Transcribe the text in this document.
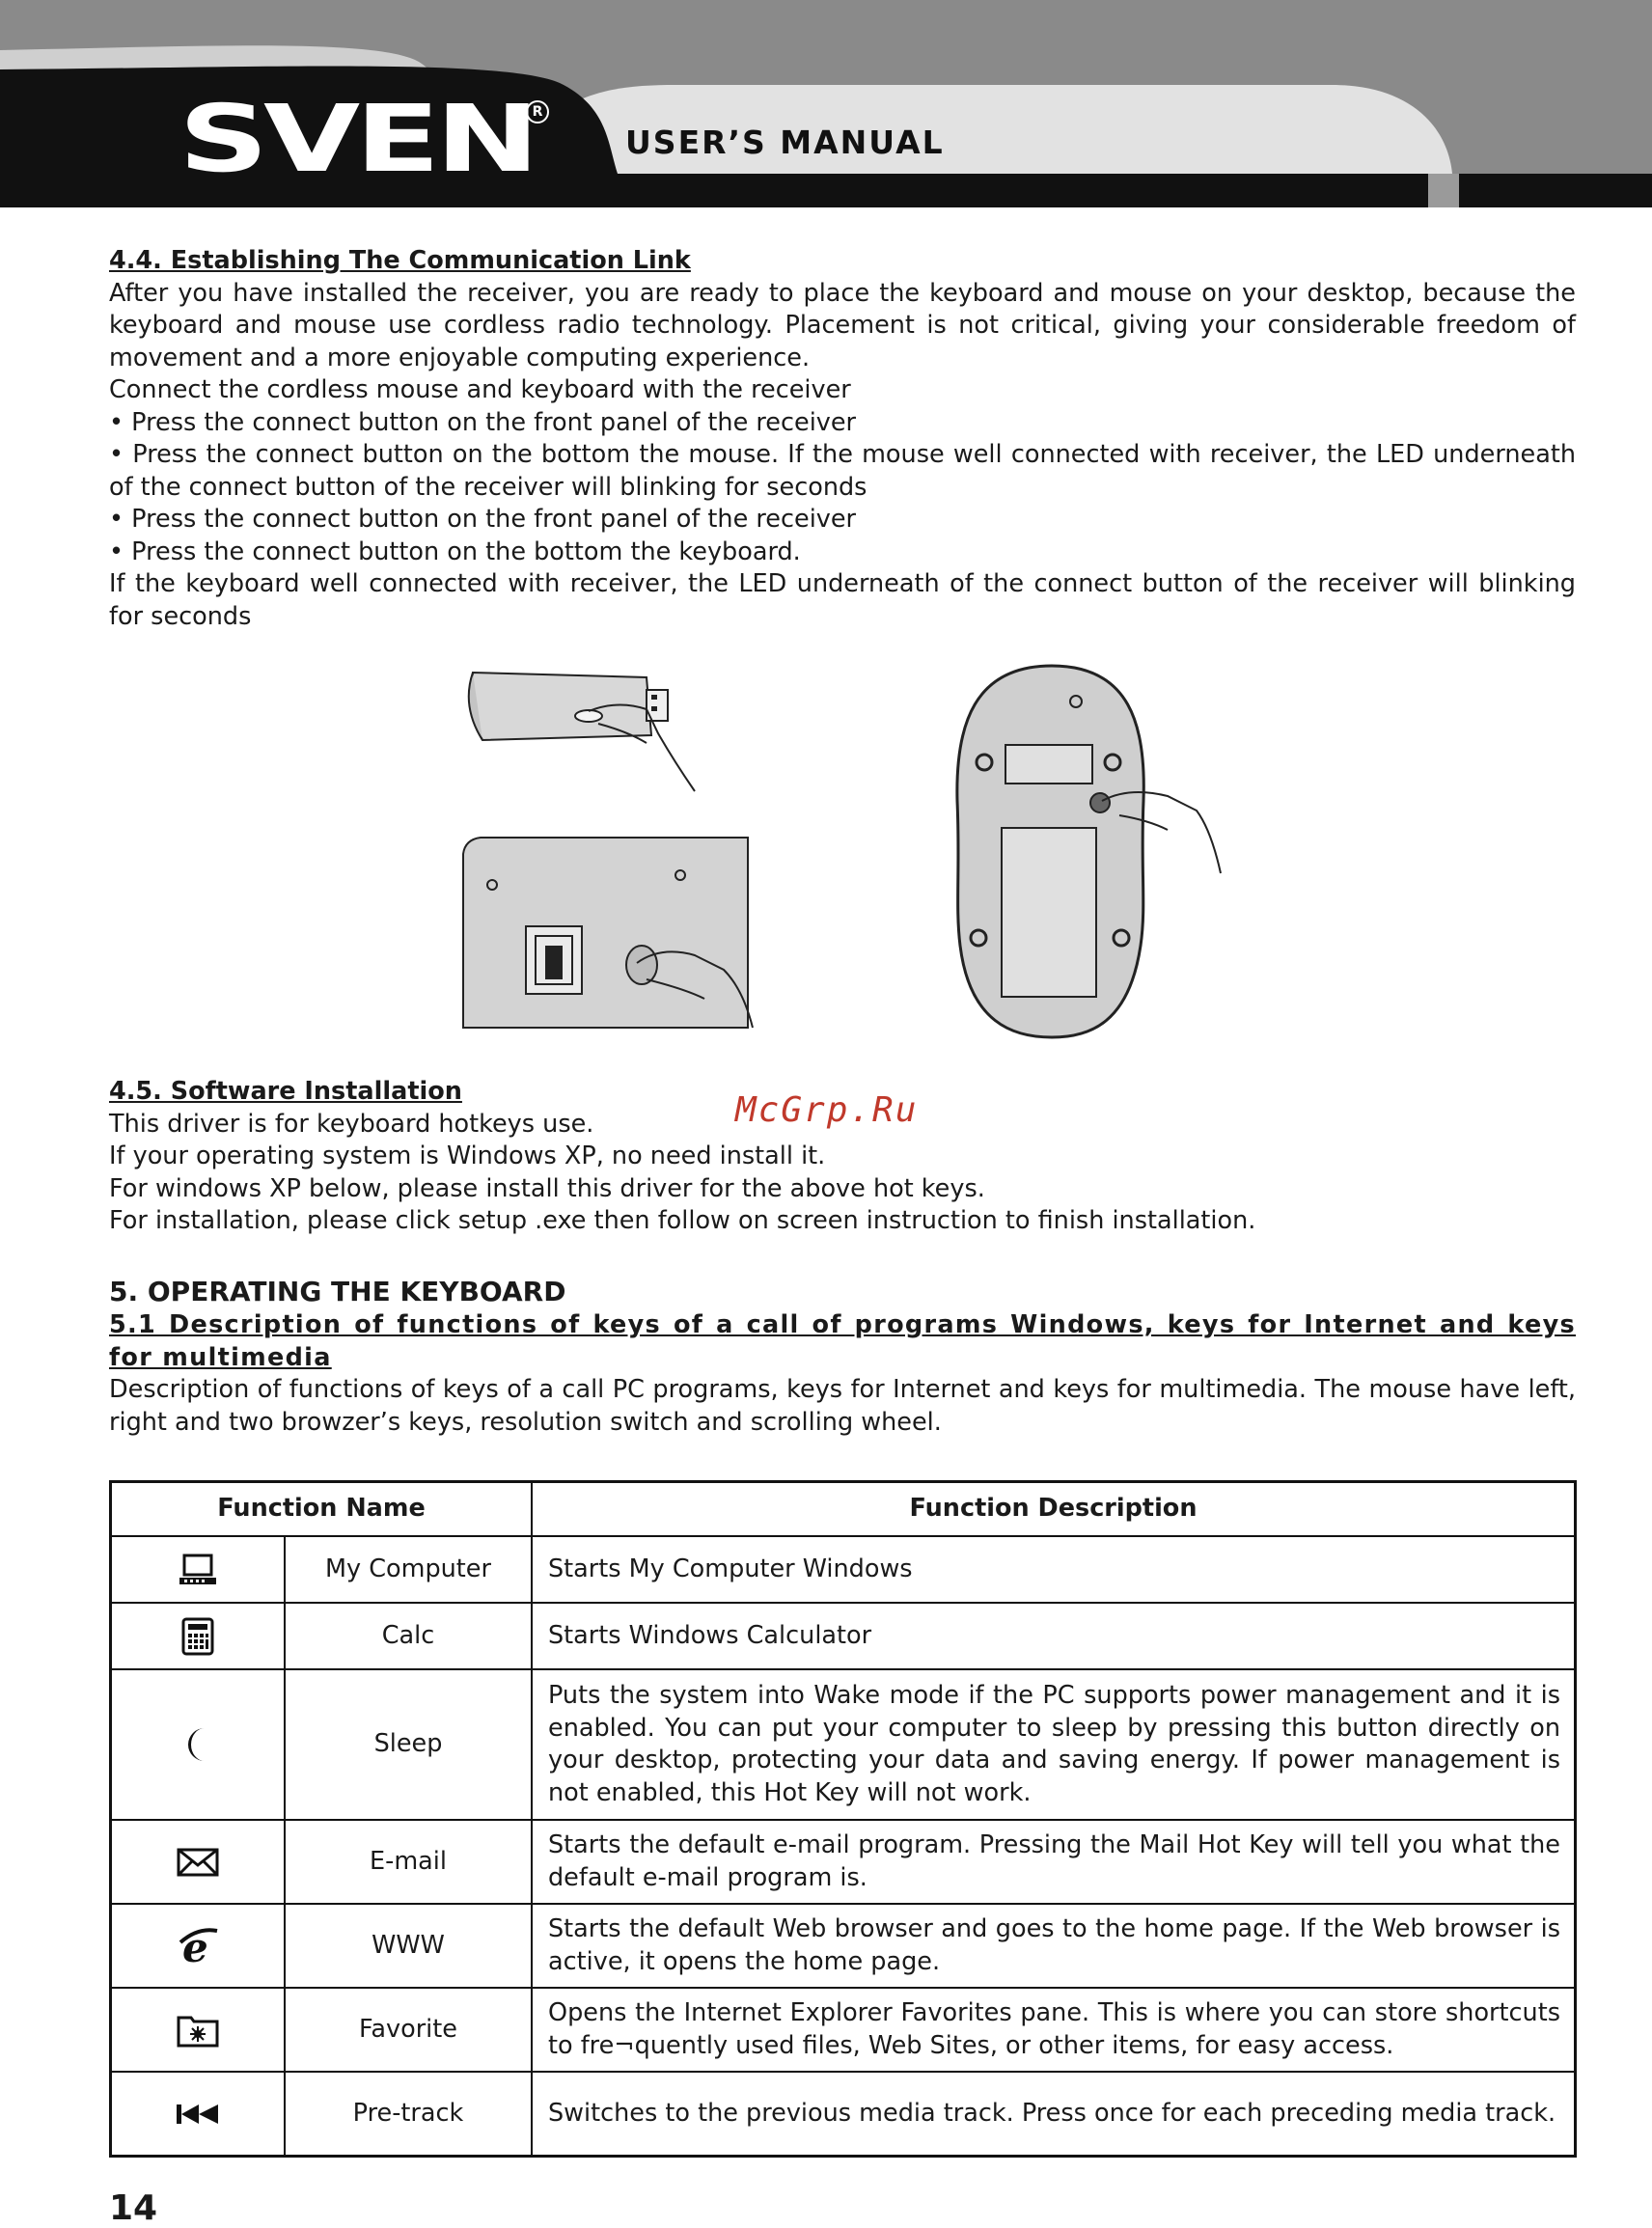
SVEN
R
USER’S MANUAL

4.4. Establishing The Communication Link

After you have installed the receiver, you are ready to place the keyboard and mouse on your desktop, because the keyboard and mouse use cordless radio technology. Placement is not critical, giving your considerable freedom of movement and a more enjoyable computing experience.

Connect the cordless mouse and keyboard with the receiver

• Press the connect button on the front panel of the receiver

• Press the connect button on the bottom the mouse. If the mouse well connected with receiver, the LED underneath of the connect button of the receiver will blinking for seconds

• Press the connect button on the front panel of the receiver

• Press the connect button on the bottom the keyboard.

If the keyboard well connected with receiver, the LED underneath of the connect button of the receiver will blinking for seconds

McGrp.Ru

4.5. Software Installation

This driver is for keyboard hotkeys use.

If your operating system is Windows XP, no need install it.

For windows XP below, please install this driver for the above hot keys.

For installation, please click setup .exe then follow on screen instruction to finish installation.

5. OPERATING THE KEYBOARD

5.1 Description of functions of keys of a call of programs Windows, keys for Internet and keys for multimedia

Description of functions of keys of a call PC programs, keys for Internet and keys for multimedia. The mouse have left, right and two browzer’s keys, resolution switch and scrolling wheel.

Function Name		Function Description
	My Computer	Starts My Computer Windows
	Calc	Starts Windows Calculator
	Sleep	Puts the system into Wake mode if the PC supports power management and it is enabled. You can put your computer to sleep by pressing this button directly on your desktop, protecting your data and saving energy. If power management is not enabled, this Hot Key will not work.
	E-mail	Starts the default e-mail program. Pressing the Mail Hot Key will tell you what the default e-mail program is.

e	WWW	Starts the default Web browser and goes to the home page. If the Web browser is active, it opens the home page.
	Favorite	Opens the Internet Explorer Favorites pane. This is where you can store shortcuts to fre¬quently used files, Web Sites, or other items, for easy access.
	Pre-track	Switches to the previous media track. Press once for each preceding media track.
14
